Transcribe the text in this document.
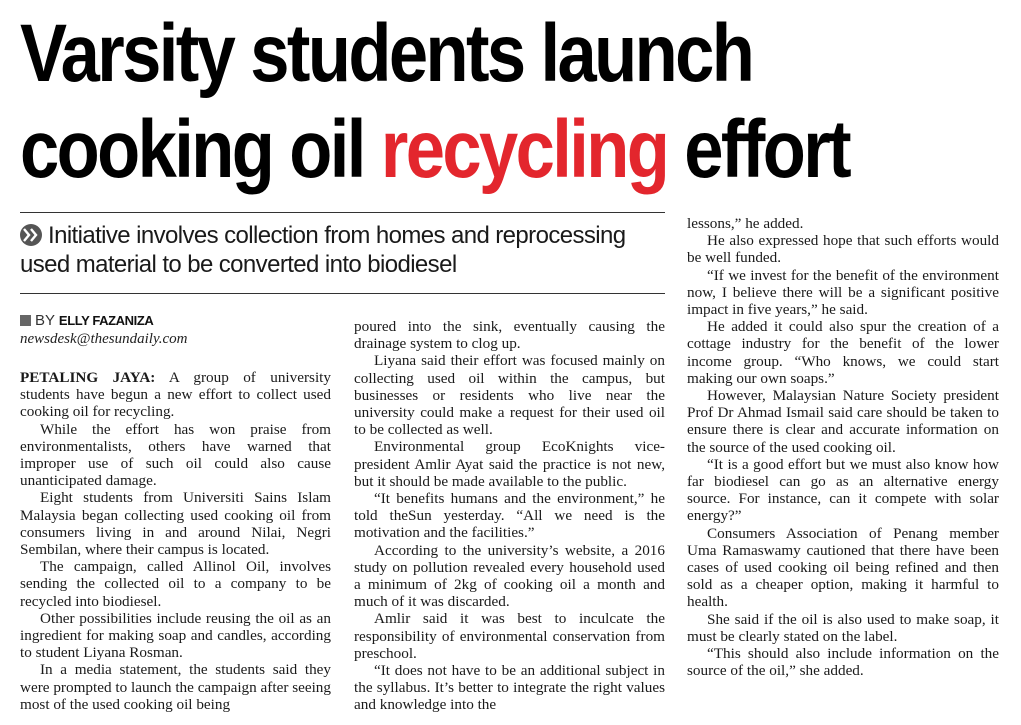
Varsity students launch
cooking oil recycling effort

Initiative involves collection from homes and reprocessing used material to be converted into biodiesel

BY ELLY FAZANIZA
newsdesk@thesundaily.com

PETALING JAYA: A group of university students have begun a new effort to collect used cooking oil for recycling.

While the effort has won praise from environmentalists, others have warned that improper use of such oil could also cause unanticipated damage.

Eight students from Universiti Sains Islam Malaysia began collecting used cooking oil from consumers living in and around Nilai, Negri Sembilan, where their campus is located.

The campaign, called Allinol Oil, involves sending the collected oil to a company to be recycled into biodiesel.

Other possibilities include reusing the oil as an ingredient for making soap and candles, according to student Liyana Rosman.

In a media statement, the students said they were prompted to launch the campaign after seeing most of the used cooking oil being

poured into the sink, eventually causing the drainage system to clog up.

Liyana said their effort was focused mainly on collecting used oil within the campus, but businesses or residents who live near the university could make a request for their used oil to be collected as well.

Environmental group EcoKnights vice-president Amlir Ayat said the practice is not new, but it should be made available to the public.

“It benefits humans and the environment,” he told theSun yesterday. “All we need is the motivation and the facilities.”

According to the university’s website, a 2016 study on pollution revealed every household used a minimum of 2kg of cooking oil a month and much of it was discarded.

Amlir said it was best to inculcate the responsibility of environmental conservation from preschool.

“It does not have to be an additional subject in the syllabus. It’s better to integrate the right values and knowledge into the

lessons,” he added.

He also expressed hope that such efforts would be well funded.

“If we invest for the benefit of the environment now, I believe there will be a significant positive impact in five years,” he said.

He added it could also spur the creation of a cottage industry for the benefit of the lower income group. “Who knows, we could start making our own soaps.”

However, Malaysian Nature Society president Prof Dr Ahmad Ismail said care should be taken to ensure there is clear and accurate information on the source of the used cooking oil.

“It is a good effort but we must also know how far biodiesel can go as an alternative energy source. For instance, can it compete with solar energy?”

Consumers Association of Penang member Uma Ramaswamy cautioned that there have been cases of used cooking oil being refined and then sold as a cheaper option, making it harmful to health.

She said if the oil is also used to make soap, it must be clearly stated on the label.

“This should also include information on the source of the oil,” she added.
